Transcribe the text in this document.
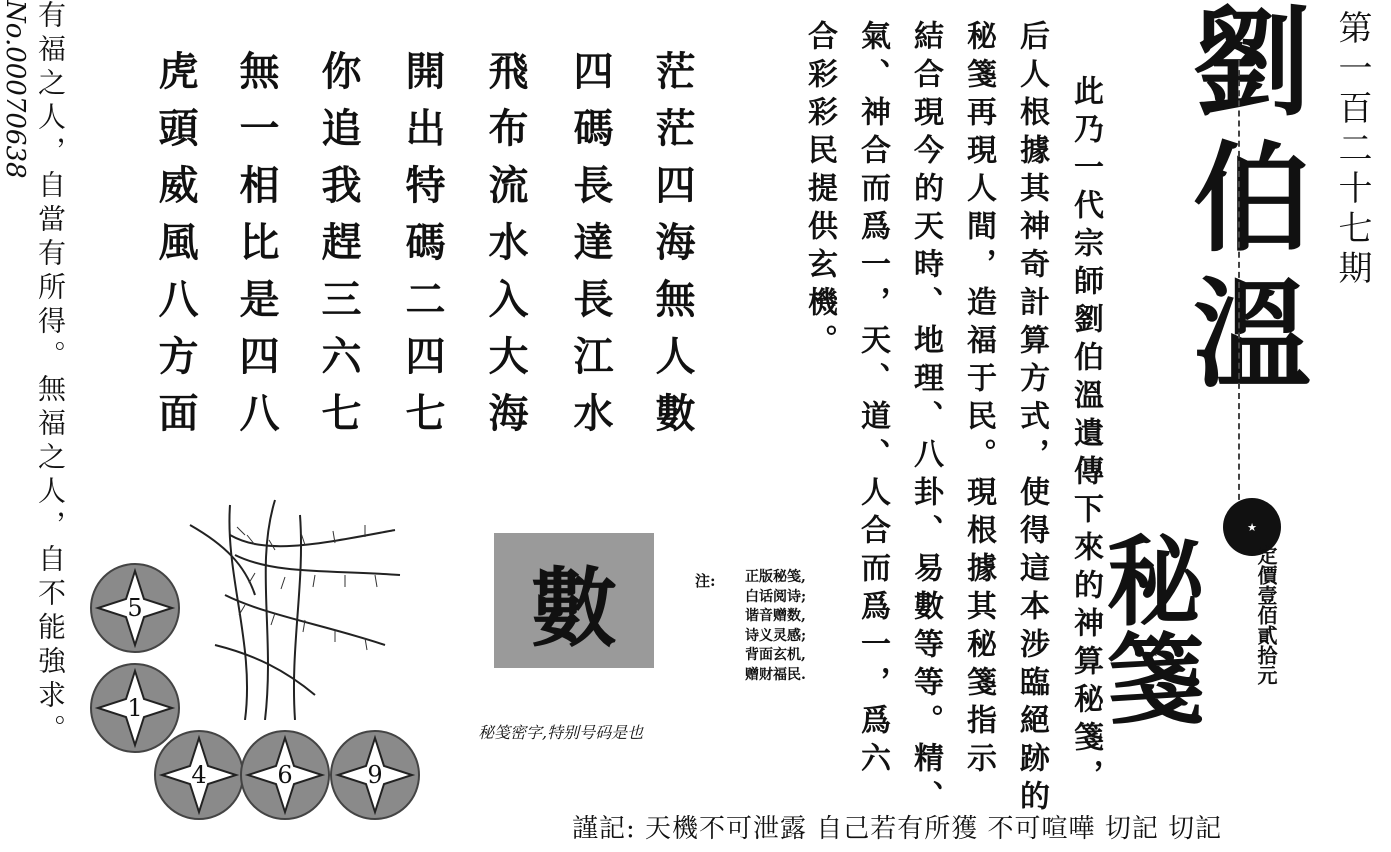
第一百二十七期
劉伯溫
★
秘箋	定價壹佰貳拾元
No.00070638	此乃一代宗師劉伯溫遺傳下來的神算秘箋，
后人根據其神奇計算方式，使得這本涉臨絕跡的
秘箋再現人間，造福于民。現根據其秘箋指示
結合現今的天時、地理、八卦、易數等等。精、
氣、神合而爲一，天、道、人合而爲一，爲六
合彩彩民提供玄機。
茫茫四海無人數
四碼長達長江水
飛布流水入大海
開出特碼二四七
你追我趕三六七
無一相比是四八
虎頭威風八方面
有福之人，自當有所得。無福之人，自不能強求。	5
1
4	6	9
數	注: 正版秘笺,
白话阅诗;
谐音赠数,
诗义灵感;
背面玄机,
赠财福民.
秘笺密字,特别号码是也
謹記: 天機不可泄露 自己若有所獲 不可喧嘩 切記 切記
